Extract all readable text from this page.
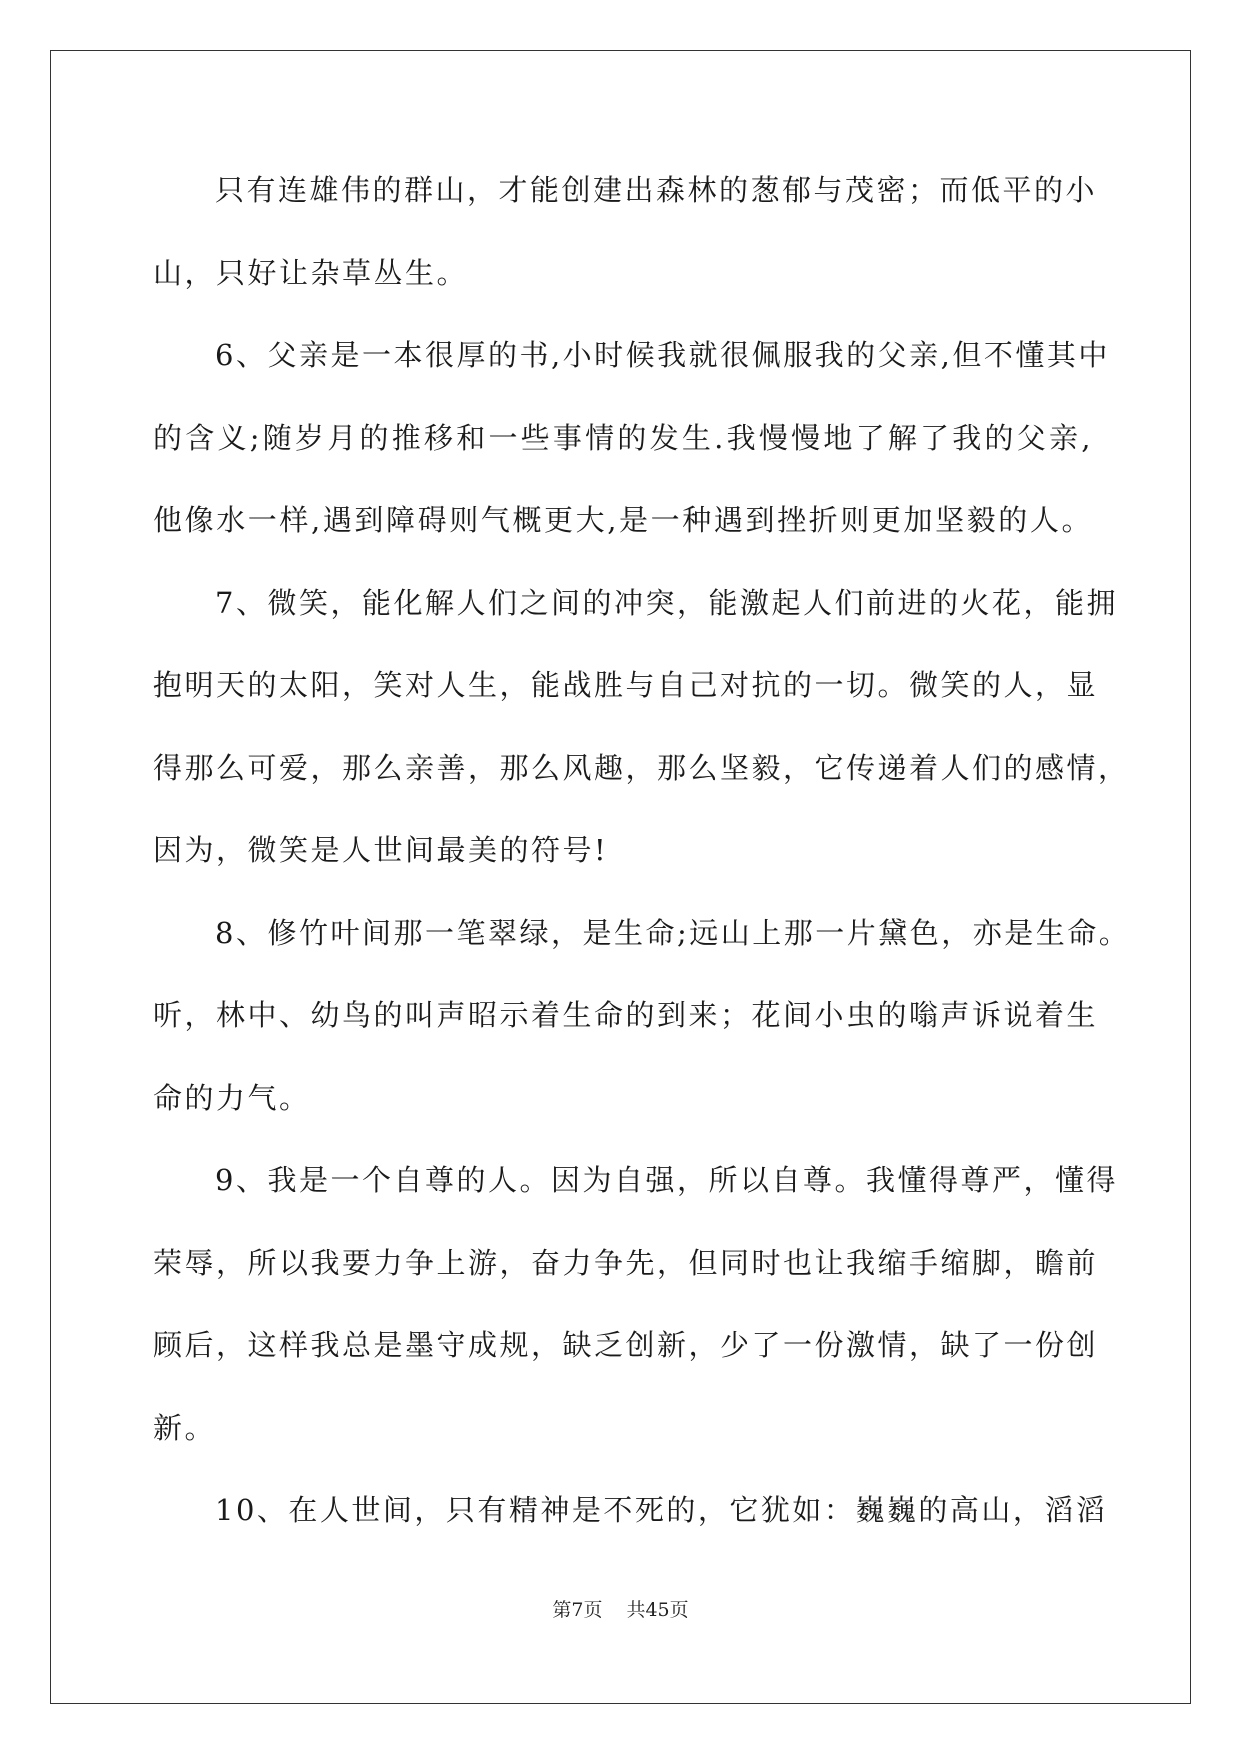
只有连雄伟的群山，才能创建出森林的葱郁与茂密；而低平的小
山，只好让杂草丛生。
6、父亲是一本很厚的书,小时候我就很佩服我的父亲,但不懂其中
的含义;随岁月的推移和一些事情的发生.我慢慢地了解了我的父亲,
他像水一样,遇到障碍则气概更大,是一种遇到挫折则更加坚毅的人。
7、微笑，能化解人们之间的冲突，能激起人们前进的火花，能拥
抱明天的太阳，笑对人生，能战胜与自己对抗的一切。微笑的人，显
得那么可爱，那么亲善，那么风趣，那么坚毅，它传递着人们的感情，
因为，微笑是人世间最美的符号!
8、修竹叶间那一笔翠绿，是生命;远山上那一片黛色，亦是生命。
听，林中、幼鸟的叫声昭示着生命的到来；花间小虫的嗡声诉说着生
命的力气。
9、我是一个自尊的人。因为自强，所以自尊。我懂得尊严，懂得
荣辱，所以我要力争上游，奋力争先，但同时也让我缩手缩脚，瞻前
顾后，这样我总是墨守成规，缺乏创新，少了一份激情，缺了一份创
新。
10、在人世间，只有精神是不死的，它犹如：巍巍的高山，滔滔
第7页 共45页
